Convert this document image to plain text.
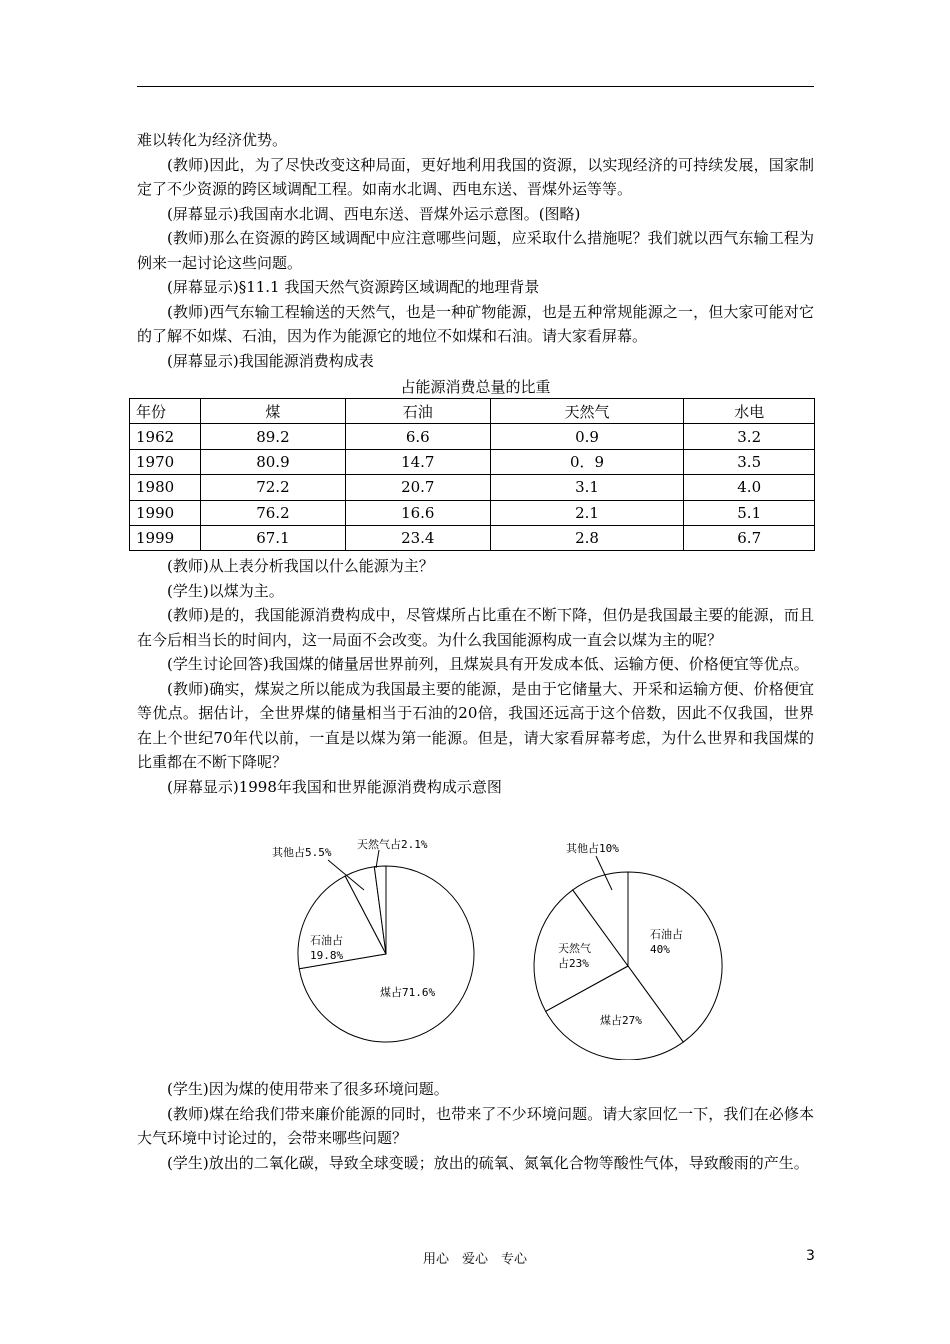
难以转化为经济优势。

(教师)因此，为了尽快改变这种局面，更好地利用我国的资源，以实现经济的可持续发展，国家制定了不少资源的跨区域调配工程。如南水北调、西电东送、晋煤外运等等。

(屏幕显示)我国南水北调、西电东送、晋煤外运示意图。(图略)

(教师)那么在资源的跨区域调配中应注意哪些问题，应采取什么措施呢？我们就以西气东输工程为例来一起讨论这些问题。

(屏幕显示)§11.1 我国天然气资源跨区域调配的地理背景

(教师)西气东输工程输送的天然气，也是一种矿物能源，也是五种常规能源之一，但大家可能对它的了解不如煤、石油，因为作为能源它的地位不如煤和石油。请大家看屏幕。

(屏幕显示)我国能源消费构成表

占能源消费总量的比重
年份	煤	石油	天然气	水电
1962	89.2	6.6	0.9	3.2
1970	80.9	14.7	0．9	3.5
1980	72.2	20.7	3.1	4.0
1990	76.2	16.6	2.1	5.1
1999	67.1	23.4	2.8	6.7

(教师)从上表分析我国以什么能源为主？

(学生)以煤为主。

(教师)是的，我国能源消费构成中，尽管煤所占比重在不断下降，但仍是我国最主要的能源，而且在今后相当长的时间内，这一局面不会改变。为什么我国能源构成一直会以煤为主的呢？

(学生讨论回答)我国煤的储量居世界前列，且煤炭具有开发成本低、运输方便、价格便宜等优点。

(教师)确实，煤炭之所以能成为我国最主要的能源，是由于它储量大、开采和运输方便、价格便宜等优点。据估计，全世界煤的储量相当于石油的20倍，我国还远高于这个倍数，因此不仅我国，世界在上个世纪70年代以前，一直是以煤为第一能源。但是，请大家看屏幕考虑，为什么世界和我国煤的比重都在不断下降呢？

(屏幕显示)1998年我国和世界能源消费构成示意图

煤占71.6%
石油占 19.8%
其他占5.5%
天然气占2.1%
石油占 40%
煤占27%
天然气占23%
其他占10%

(学生)因为煤的使用带来了很多环境问题。

(教师)煤在给我们带来廉价能源的同时，也带来了不少环境问题。请大家回忆一下，我们在必修本大气环境中讨论过的，会带来哪些问题？

(学生)放出的二氧化碳，导致全球变暖；放出的硫氧、氮氧化合物等酸性气体，导致酸雨的产生。

用心　爱心　专心	3
